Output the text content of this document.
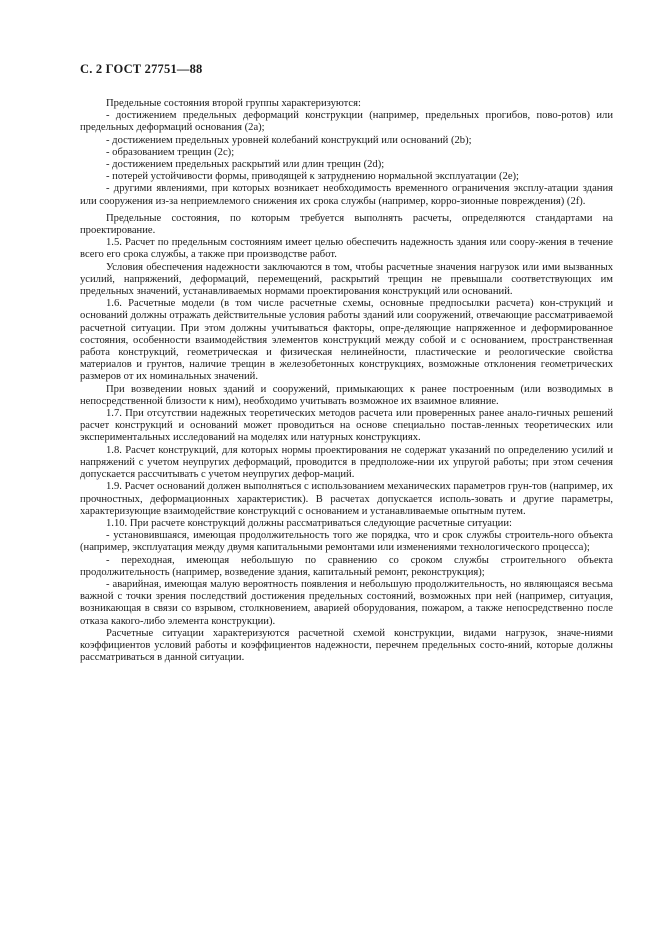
С. 2 ГОСТ 27751—88

Предельные состояния второй группы характеризуются:

- достижением предельных деформаций конструкции (например, предельных прогибов, пово-ротов) или предельных деформаций основания (2а);

- достижением предельных уровней колебаний конструкций или оснований (2b);

- образованием трещин (2с);

- достижением предельных раскрытий или длин трещин (2d);

- потерей устойчивости формы, приводящей к затруднению нормальной эксплуатации (2е);

- другими явлениями, при которых возникает необходимость временного ограничения эксплу-атации здания или сооружения из-за неприемлемого снижения их срока службы (например, корро-зионные повреждения) (2f).

Предельные состояния, по которым требуется выполнять расчеты, определяются стандартами на проектирование.

1.5. Расчет по предельным состояниям имеет целью обеспечить надежность здания или соору-жения в течение всего его срока службы, а также при производстве работ.

Условия обеспечения надежности заключаются в том, чтобы расчетные значения нагрузок или ими вызванных усилий, напряжений, деформаций, перемещений, раскрытий трещин не превышали соответствующих им предельных значений, устанавливаемых нормами проектирования конструкций или оснований.

1.6. Расчетные модели (в том числе расчетные схемы, основные предпосылки расчета) кон-струкций и оснований должны отражать действительные условия работы зданий или сооружений, отвечающие рассматриваемой расчетной ситуации. При этом должны учитываться факторы, опре-деляющие напряженное и деформированное состояния, особенности взаимодействия элементов конструкций между собой и с основанием, пространственная работа конструкций, геометрическая и физическая нелинейности, пластические и реологические свойства материалов и грунтов, наличие трещин в железобетонных конструкциях, возможные отклонения геометрических размеров от их номинальных значений.

При возведении новых зданий и сооружений, примыкающих к ранее построенным (или возводимых в непосредственной близости к ним), необходимо учитывать возможное их взаимное влияние.

1.7. При отсутствии надежных теоретических методов расчета или проверенных ранее анало-гичных решений расчет конструкций и оснований может проводиться на основе специально постав-ленных теоретических или экспериментальных исследований на моделях или натурных конструкциях.

1.8. Расчет конструкций, для которых нормы проектирования не содержат указаний по определению усилий и напряжений с учетом неупругих деформаций, проводится в предположе-нии их упругой работы; при этом сечения допускается рассчитывать с учетом неупругих дефор-маций.

1.9. Расчет оснований должен выполняться с использованием механических параметров грун-тов (например, их прочностных, деформационных характеристик). В расчетах допускается исполь-зовать и другие параметры, характеризующие взаимодействие конструкций с основанием и устанавливаемые опытным путем.

1.10. При расчете конструкций должны рассматриваться следующие расчетные ситуации:

- установившаяся, имеющая продолжительность того же порядка, что и срок службы строитель-ного объекта (например, эксплуатация между двумя капитальными ремонтами или изменениями технологического процесса);

- переходная, имеющая небольшую по сравнению со сроком службы строительного объекта продолжительность (например, возведение здания, капитальный ремонт, реконструкция);

- аварийная, имеющая малую вероятность появления и небольшую продолжительность, но являющаяся весьма важной с точки зрения последствий достижения предельных состояний, возможных при ней (например, ситуация, возникающая в связи со взрывом, столкновением, аварией оборудования, пожаром, а также непосредственно после отказа какого-либо элемента конструкции).

Расчетные ситуации характеризуются расчетной схемой конструкции, видами нагрузок, значе-ниями коэффициентов условий работы и коэффициентов надежности, перечнем предельных состо-яний, которые должны рассматриваться в данной ситуации.
